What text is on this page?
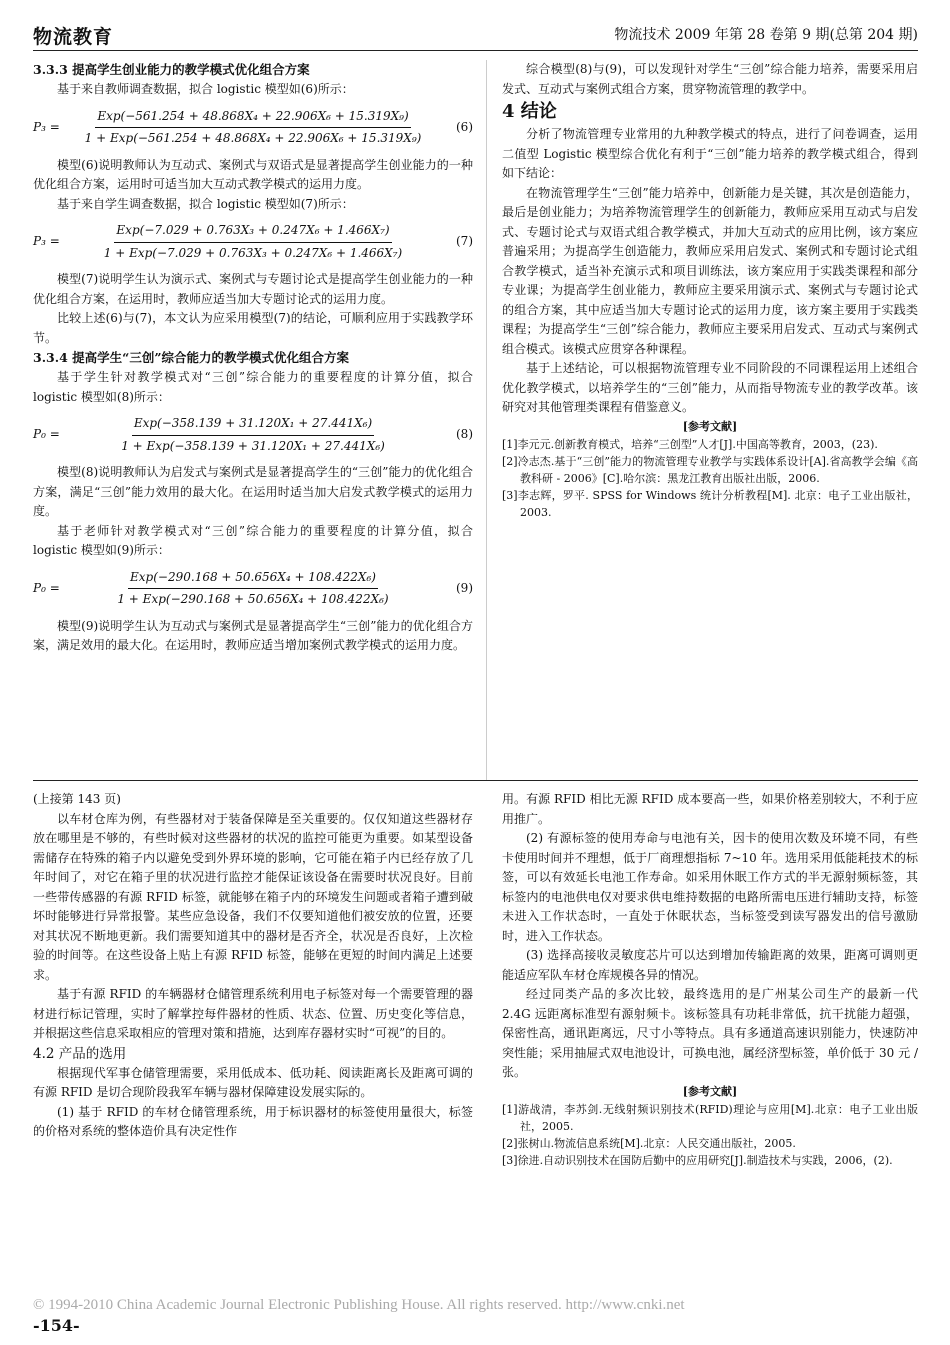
物流教育	物流技术 2009 年第 28 卷第 9 期(总第 204 期)

3.3.3 提高学生创业能力的教学模式优化组合方案

基于来自教师调查数据，拟合 logistic 模型如(6)所示：

$P_3 = \frac{\text{Exp(−561.254 + 48.868X₄ + 22.906X₆ + 15.319X₉)}}{\text{1 + Exp(−561.254 + 48.868X₄ + 22.906X₆ + 15.319X₉)}}$	(6)

模型(6)说明教师认为互动式、案例式与双语式是显著提高学生创业能力的一种优化组合方案，运用时可适当加大互动式教学模式的运用力度。

基于来自学生调查数据，拟合 logistic 模型如(7)所示：

$P_3 = \frac{\text{Exp(−7.029 + 0.763X₃ + 0.247X₆ + 1.466X₇)}}{\text{1 + Exp(−7.029 + 0.763X₃ + 0.247X₆ + 1.466X₇)}}$	(7)

模型(7)说明学生认为演示式、案例式与专题讨论式是提高学生创业能力的一种优化组合方案，在运用时，教师应适当加大专题讨论式的运用力度。

比较上述(6)与(7)，本文认为应采用模型(7)的结论，可顺利应用于实践教学环节。

3.3.4 提高学生“三创”综合能力的教学模式优化组合方案

基于学生针对教学模式对“三创”综合能力的重要程度的计算分值，拟合 logistic 模型如(8)所示：

$P_0 = \frac{\text{Exp(−358.139 + 31.120X₁ + 27.441X₆)}}{\text{1 + Exp(−358.139 + 31.120X₁ + 27.441X₆)}}$	(8)

模型(8)说明教师认为启发式与案例式是显著提高学生的“三创”能力的优化组合方案，满足“三创”能力效用的最大化。在运用时适当加大启发式教学模式的运用力度。

基于老师针对教学模式对“三创”综合能力的重要程度的计算分值，拟合 logistic 模型如(9)所示：

$P_0 = \frac{\text{Exp(−290.168 + 50.656X₄ + 108.422X₆)}}{\text{1 + Exp(−290.168 + 50.656X₄ + 108.422X₆)}}$	(9)

模型(9)说明学生认为互动式与案例式是显著提高学生“三创”能力的优化组合方案，满足效用的最大化。在运用时，教师应适当增加案例式教学模式的运用力度。

综合模型(8)与(9)，可以发现针对学生“三创”综合能力培养，需要采用启发式、互动式与案例式组合方案，贯穿物流管理的教学中。

4 结论

分析了物流管理专业常用的九种教学模式的特点，进行了问卷调查，运用二值型 Logistic 模型综合优化有利于“三创”能力培养的教学模式组合，得到如下结论：

在物流管理学生“三创”能力培养中，创新能力是关键，其次是创造能力，最后是创业能力；为培养物流管理学生的创新能力，教师应采用互动式与启发式、专题讨论式与双语式组合教学模式，并加大互动式的应用比例，该方案应普遍采用；为提高学生创造能力，教师应采用启发式、案例式和专题讨论式组合教学模式，适当补充演示式和项目训练法，该方案应用于实践类课程和部分专业课；为提高学生创业能力，教师应主要采用演示式、案例式与专题讨论式的组合方案，其中应适当加大专题讨论式的运用力度，该方案主要用于实践类课程；为提高学生“三创”综合能力，教师应主要采用启发式、互动式与案例式组合模式。该模式应贯穿各种课程。

基于上述结论，可以根据物流管理专业不同阶段的不同课程运用上述组合优化教学模式，以培养学生的“三创”能力，从而指导物流专业的教学改革。该研究对其他管理类课程有借鉴意义。

[参考文献]

[1]李元元.创新教育模式，培养“三创型”人才[J].中国高等教育，2003，(23).

[2]冷志杰.基于“三创”能力的物流管理专业教学与实践体系设计[A].省高教学会编《高教科研 - 2006》[C].哈尔滨：黑龙江教育出版社出版，2006.

[3]李志辉，罗平. SPSS for Windows 统计分析教程[M]. 北京：电子工业出版社，2003.

(上接第 143 页)

以车材仓库为例，有些器材对于装备保障是至关重要的。仅仅知道这些器材存放在哪里是不够的，有些时候对这些器材的状况的监控可能更为重要。如某型设备需储存在特殊的箱子内以避免受到外界环境的影响，它可能在箱子内已经存放了几年时间了，对它在箱子里的状况进行监控才能保证该设备在需要时状况良好。目前一些带传感器的有源 RFID 标签，就能够在箱子内的环境发生问题或者箱子遭到破坏时能够进行异常报警。某些应急设备，我们不仅要知道他们被安放的位置，还要对其状况不断地更新。我们需要知道其中的器材是否齐全，状况是否良好，上次检验的时间等。在这些设备上贴上有源 RFID 标签，能够在更短的时间内满足上述要求。

基于有源 RFID 的车辆器材仓储管理系统利用电子标签对每一个需要管理的器材进行标记管理，实时了解掌控每件器材的性质、状态、位置、历史变化等信息，并根据这些信息采取相应的管理对策和措施，达到库存器材实时“可视”的目的。

4.2 产品的选用

根据现代军事仓储管理需要，采用低成本、低功耗、阅读距离长及距离可调的有源 RFID 是切合现阶段我军车辆与器材保障建设发展实际的。

(1) 基于 RFID 的车材仓储管理系统，用于标识器材的标签使用量很大，标签的价格对系统的整体造价具有决定性作

用。有源 RFID 相比无源 RFID 成本要高一些，如果价格差别较大，不利于应用推广。

(2) 有源标签的使用寿命与电池有关，因卡的使用次数及环境不同，有些卡使用时间并不理想，低于厂商理想指标 7~10 年。选用采用低能耗技术的标签，可以有效延长电池工作寿命。如采用休眠工作方式的半无源射频标签，其标签内的电池供电仅对要求供电维持数据的电路所需电压进行辅助支持，标签未进入工作状态时，一直处于休眠状态，当标签受到读写器发出的信号激励时，进入工作状态。

(3) 选择高接收灵敏度芯片可以达到增加传输距离的效果，距离可调则更能适应军队车材仓库规模各异的情况。

经过同类产品的多次比较，最终选用的是广州某公司生产的最新一代 2.4G 远距离标准型有源射频卡。该标签具有功耗非常低，抗干扰能力超强，保密性高，通讯距离远，尺寸小等特点。具有多通道高速识别能力，快速防冲突性能；采用抽屉式双电池设计，可换电池，属经济型标签，单价低于 30 元 / 张。

[参考文献]

[1]游战清，李苏剑.无线射频识别技术(RFID)理论与应用[M].北京：电子工业出版社，2005.

[2]张树山.物流信息系统[M].北京：人民交通出版社，2005.

[3]徐进.自动识别技术在国防后勤中的应用研究[J].制造技术与实践，2006，(2).

© 1994-2010 China Academic Journal Electronic Publishing House. All rights reserved. http://www.cnki.net
-154-
